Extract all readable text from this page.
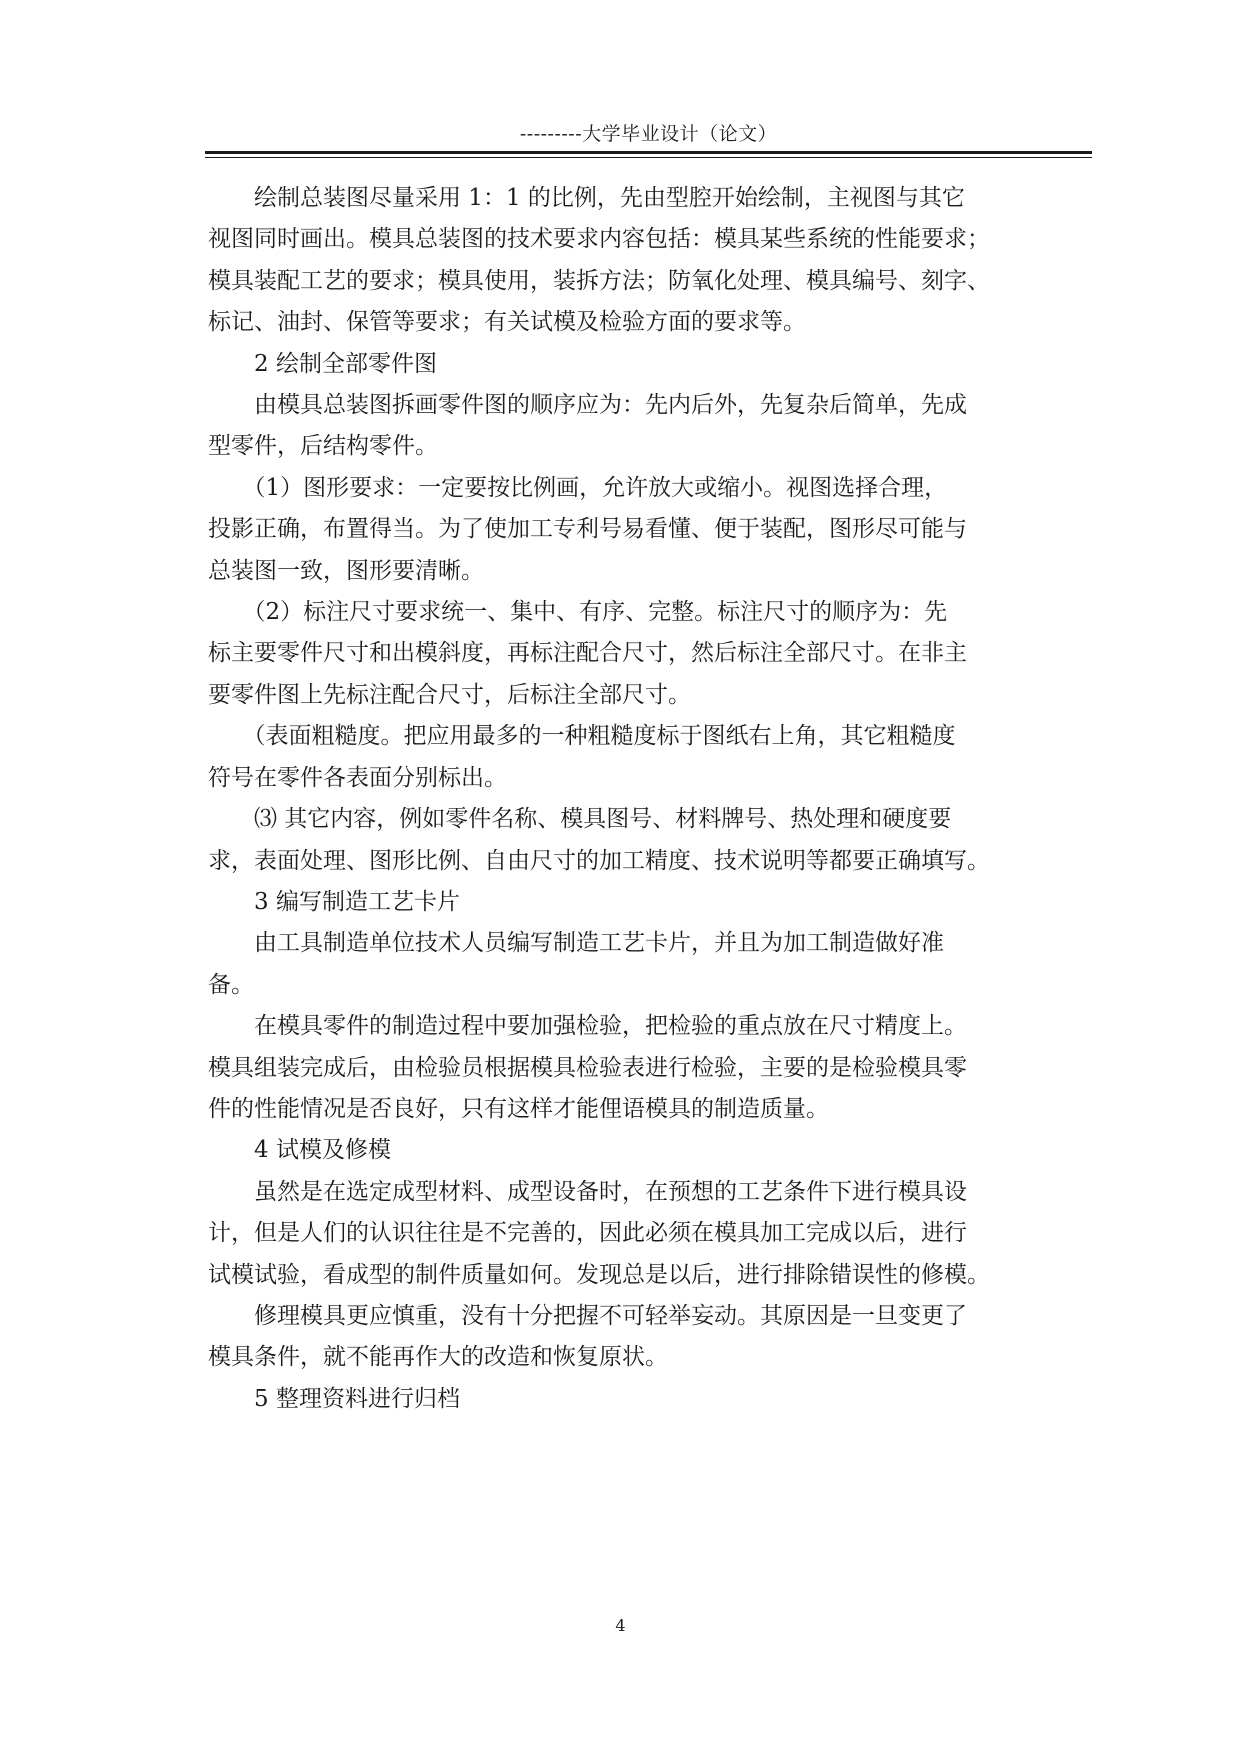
---------大学毕业设计（论文）

　　绘制总装图尽量采用 1：1 的比例，先由型腔开始绘制，主视图与其它

视图同时画出。模具总装图的技术要求内容包括：模具某些系统的性能要求；

模具装配工艺的要求；模具使用，装拆方法；防氧化处理、模具编号、刻字、

标记、油封、保管等要求；有关试模及检验方面的要求等。

　　2 绘制全部零件图

　　由模具总装图拆画零件图的顺序应为：先内后外，先复杂后简单，先成

型零件，后结构零件。

　　（1）图形要求：一定要按比例画，允许放大或缩小。视图选择合理，

投影正确，布置得当。为了使加工专利号易看懂、便于装配，图形尽可能与

总装图一致，图形要清晰。

　　（2）标注尺寸要求统一、集中、有序、完整。标注尺寸的顺序为：先

标主要零件尺寸和出模斜度，再标注配合尺寸，然后标注全部尺寸。在非主

要零件图上先标注配合尺寸，后标注全部尺寸。

　　（表面粗糙度。把应用最多的一种粗糙度标于图纸右上角，其它粗糙度

符号在零件各表面分别标出。

　　⑶ 其它内容，例如零件名称、模具图号、材料牌号、热处理和硬度要

求，表面处理、图形比例、自由尺寸的加工精度、技术说明等都要正确填写。

　　3 编写制造工艺卡片

　　由工具制造单位技术人员编写制造工艺卡片，并且为加工制造做好准

备。

　　在模具零件的制造过程中要加强检验，把检验的重点放在尺寸精度上。

模具组装完成后，由检验员根据模具检验表进行检验，主要的是检验模具零

件的性能情况是否良好，只有这样才能俚语模具的制造质量。

　　4 试模及修模

　　虽然是在选定成型材料、成型设备时，在预想的工艺条件下进行模具设

计，但是人们的认识往往是不完善的，因此必须在模具加工完成以后，进行

试模试验，看成型的制件质量如何。发现总是以后，进行排除错误性的修模。

　　修理模具更应慎重，没有十分把握不可轻举妄动。其原因是一旦变更了

模具条件，就不能再作大的改造和恢复原状。

　　5 整理资料进行归档

4
